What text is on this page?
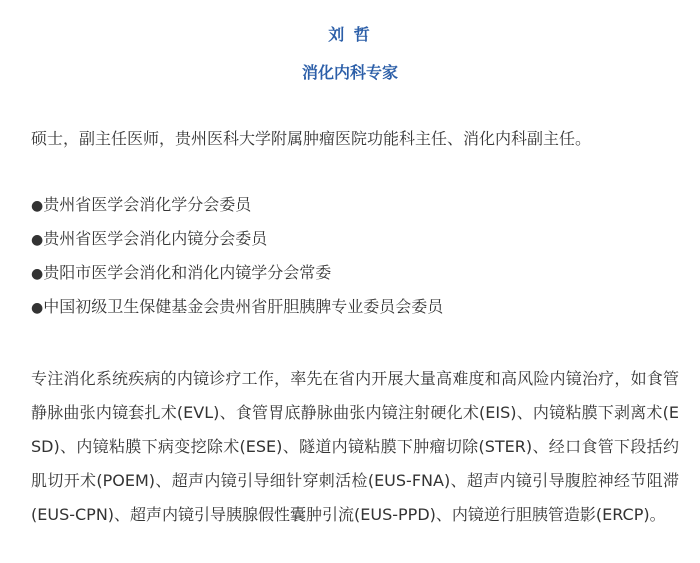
刘 哲
消化内科专家
硕士，副主任医师，贵州医科大学附属肿瘤医院功能科主任、消化内科副主任。
●贵州省医学会消化学分会委员
●贵州省医学会消化内镜分会委员
●贵阳市医学会消化和消化内镜学分会常委
●中国初级卫生保健基金会贵州省肝胆胰脾专业委员会委员
专注消化系统疾病的内镜诊疗工作，率先在省内开展大量高难度和高风险内镜治疗，如食管静脉曲张内镜套扎术(EVL)、食管胃底静脉曲张内镜注射硬化术(EIS)、内镜粘膜下剥离术(ESD)、内镜粘膜下病变挖除术(ESE)、隧道内镜粘膜下肿瘤切除(STER)、经口食管下段括约肌切开术(POEM)、超声内镜引导细针穿刺活检(EUS-FNA)、超声内镜引导腹腔神经节阻滞(EUS-CPN)、超声内镜引导胰腺假性囊肿引流(EUS-PPD)、内镜逆行胆胰管造影(ERCP)。
